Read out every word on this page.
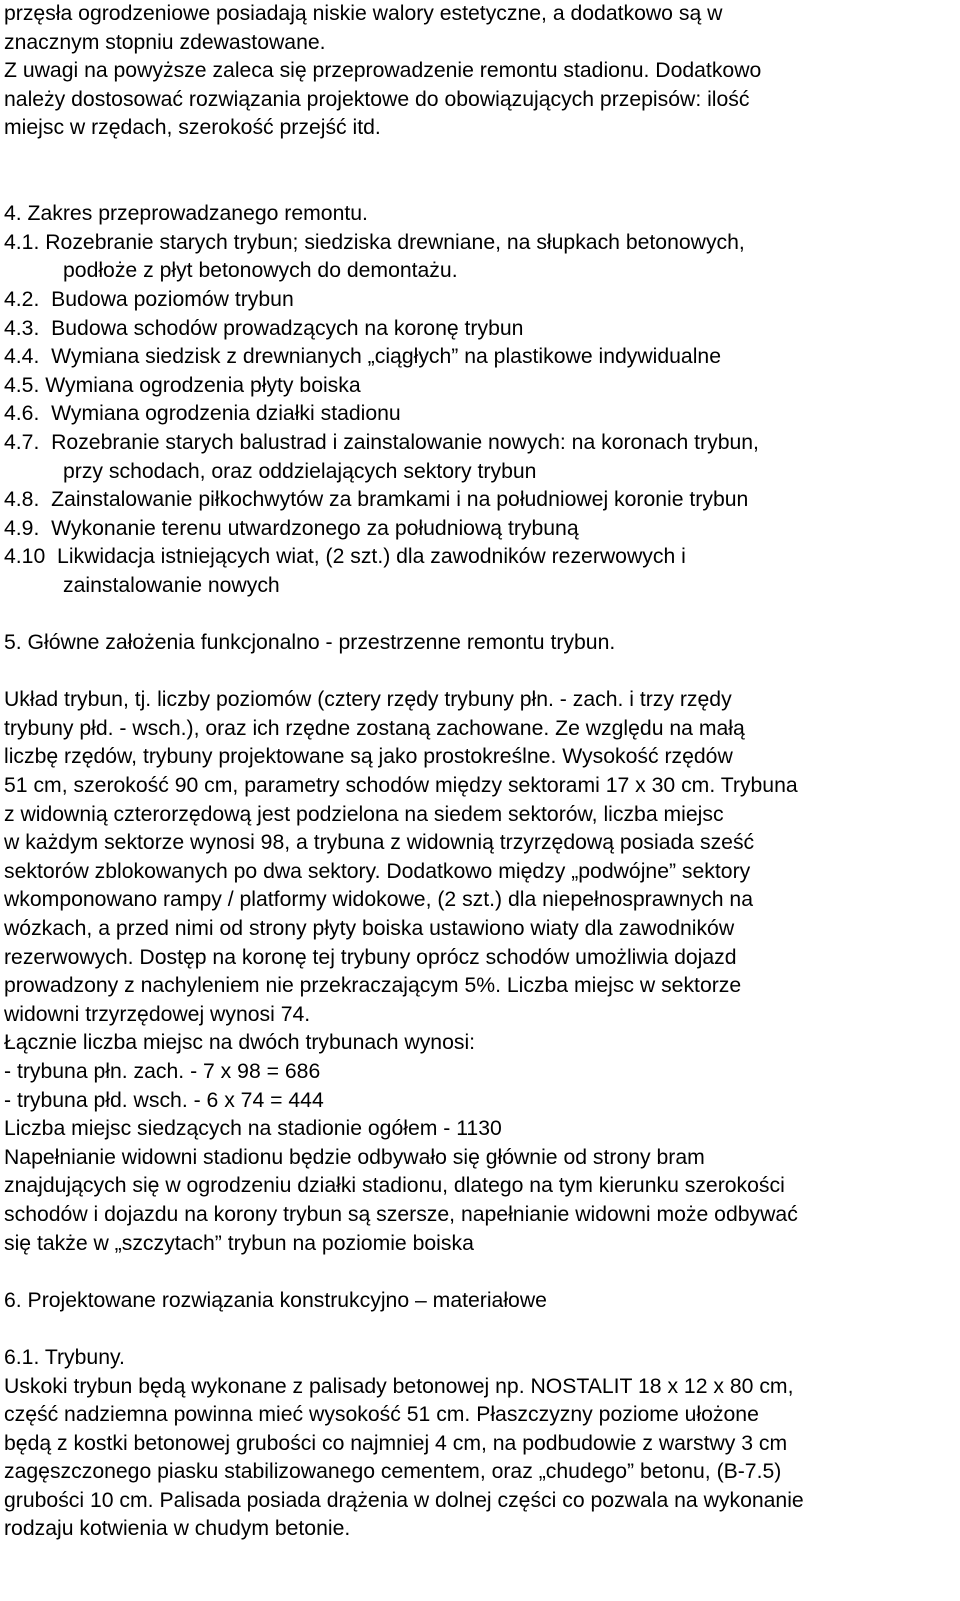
przęsła ogrodzeniowe posiadają niskie walory estetyczne, a dodatkowo są w

znacznym stopniu zdewastowane.

Z uwagi na powyższe zaleca się przeprowadzenie remontu stadionu. Dodatkowo

należy dostosować rozwiązania projektowe do obowiązujących przepisów: ilość

miejsc w rzędach, szerokość przejść itd.

4. Zakres przeprowadzanego remontu.

4.1. Rozebranie starych trybun; siedziska drewniane, na słupkach betonowych,

podłoże z płyt betonowych do demontażu.

4.2. Budowa poziomów trybun

4.3. Budowa schodów prowadzących na koronę trybun

4.4. Wymiana siedzisk z drewnianych „ciągłych” na plastikowe indywidualne

4.5. Wymiana ogrodzenia płyty boiska

4.6. Wymiana ogrodzenia działki stadionu

4.7. Rozebranie starych balustrad i zainstalowanie nowych: na koronach trybun,

przy schodach, oraz oddzielających sektory trybun

4.8. Zainstalowanie piłkochwytów za bramkami i na południowej koronie trybun

4.9. Wykonanie terenu utwardzonego za południową trybuną

4.10 Likwidacja istniejących wiat, (2 szt.) dla zawodników rezerwowych i

zainstalowanie nowych

5. Główne założenia funkcjonalno - przestrzenne remontu trybun.

Układ trybun, tj. liczby poziomów (cztery rzędy trybuny płn. - zach. i trzy rzędy

trybuny płd. - wsch.), oraz ich rzędne zostaną zachowane. Ze względu na małą

liczbę rzędów, trybuny projektowane są jako prostokreślne. Wysokość rzędów

51 cm, szerokość 90 cm, parametry schodów między sektorami 17 x 30 cm. Trybuna

z widownią czterorzędową jest podzielona na siedem sektorów, liczba miejsc

w każdym sektorze wynosi 98, a trybuna z widownią trzyrzędową posiada sześć

sektorów zblokowanych po dwa sektory. Dodatkowo między „podwójne” sektory

wkomponowano rampy / platformy widokowe, (2 szt.) dla niepełnosprawnych na

wózkach, a przed nimi od strony płyty boiska ustawiono wiaty dla zawodników

rezerwowych. Dostęp na koronę tej trybuny oprócz schodów umożliwia dojazd

prowadzony z nachyleniem nie przekraczającym 5%. Liczba miejsc w sektorze

widowni trzyrzędowej wynosi 74.

Łącznie liczba miejsc na dwóch trybunach wynosi:

- trybuna płn. zach. - 7 x 98 = 686

- trybuna płd. wsch. - 6 x 74 = 444

Liczba miejsc siedzących na stadionie ogółem - 1130

Napełnianie widowni stadionu będzie odbywało się głównie od strony bram

znajdujących się w ogrodzeniu działki stadionu, dlatego na tym kierunku szerokości

schodów i dojazdu na korony trybun są szersze, napełnianie widowni może odbywać

się także w „szczytach” trybun na poziomie boiska

6. Projektowane rozwiązania konstrukcyjno – materiałowe

6.1. Trybuny.

Uskoki trybun będą wykonane z palisady betonowej np. NOSTALIT 18 x 12 x 80 cm,

część nadziemna powinna mieć wysokość 51 cm. Płaszczyzny poziome ułożone

będą z kostki betonowej grubości co najmniej 4 cm, na podbudowie z warstwy 3 cm

zagęszczonego piasku stabilizowanego cementem, oraz „chudego” betonu, (B-7.5)

grubości 10 cm. Palisada posiada drążenia w dolnej części co pozwala na wykonanie

rodzaju kotwienia w chudym betonie.
